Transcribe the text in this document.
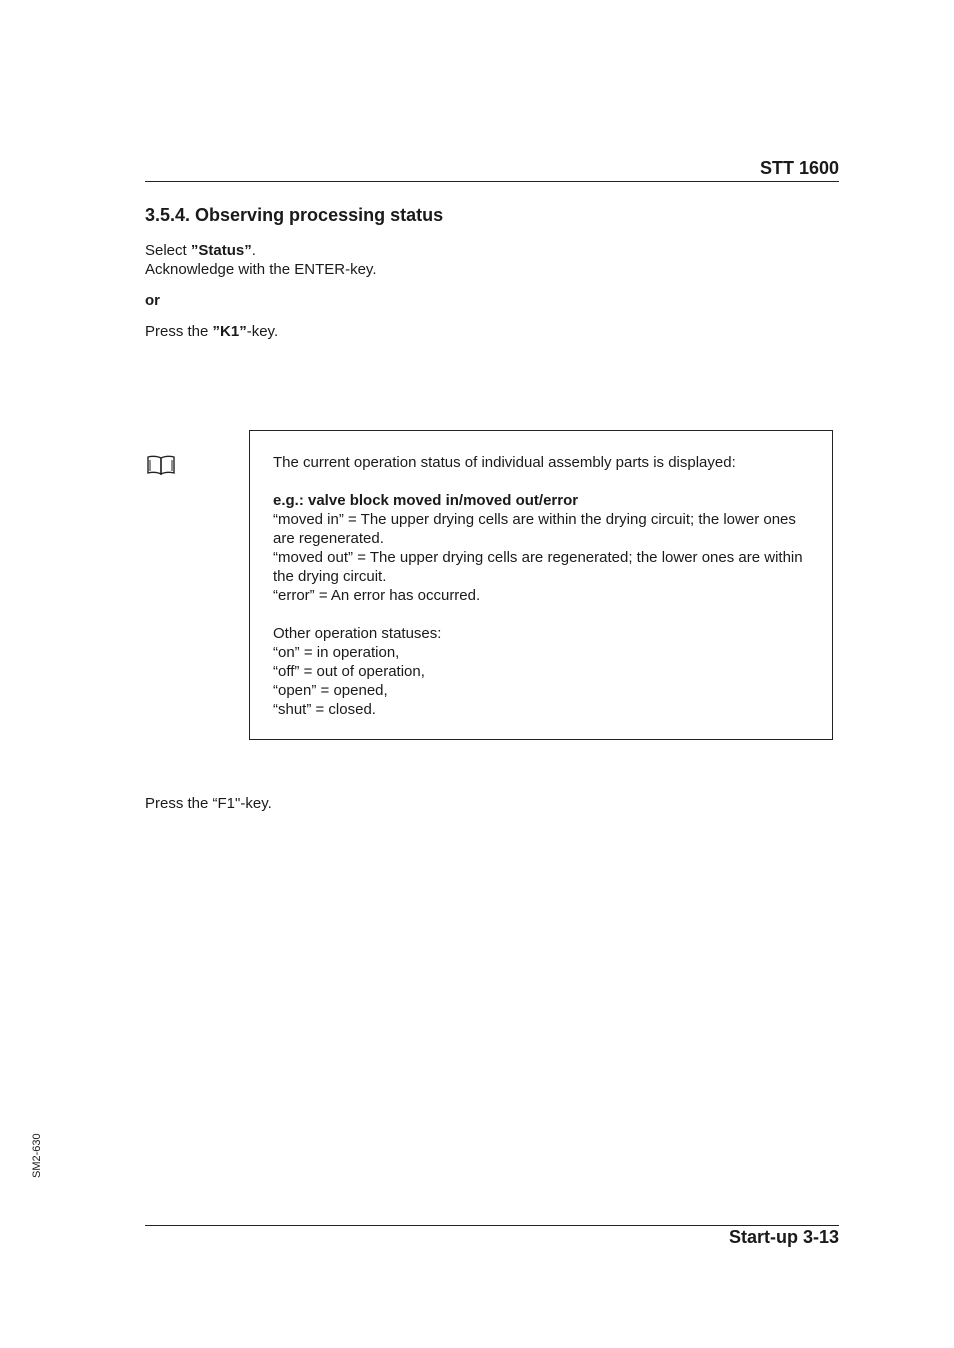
STT 1600
3.5.4. Observing processing status
Select ”Status”.
Acknowledge with the ENTER-key.
or
Press the ”K1”-key.

The current operation status of individual assembly parts is displayed:

e.g.: valve block moved in/moved out/error

“moved in” = The upper drying cells are within the drying circuit; the lower ones are regenerated.

“moved out” = The upper drying cells are regenerated; the lower ones are within the drying circuit.

“error” = An error has occurred.

Other operation statuses:

“on” = in operation,

“off” = out of operation,

“open” = opened,

“shut” = closed.

Press the “F1"-key.
SM2-630
Start-up 3-13
